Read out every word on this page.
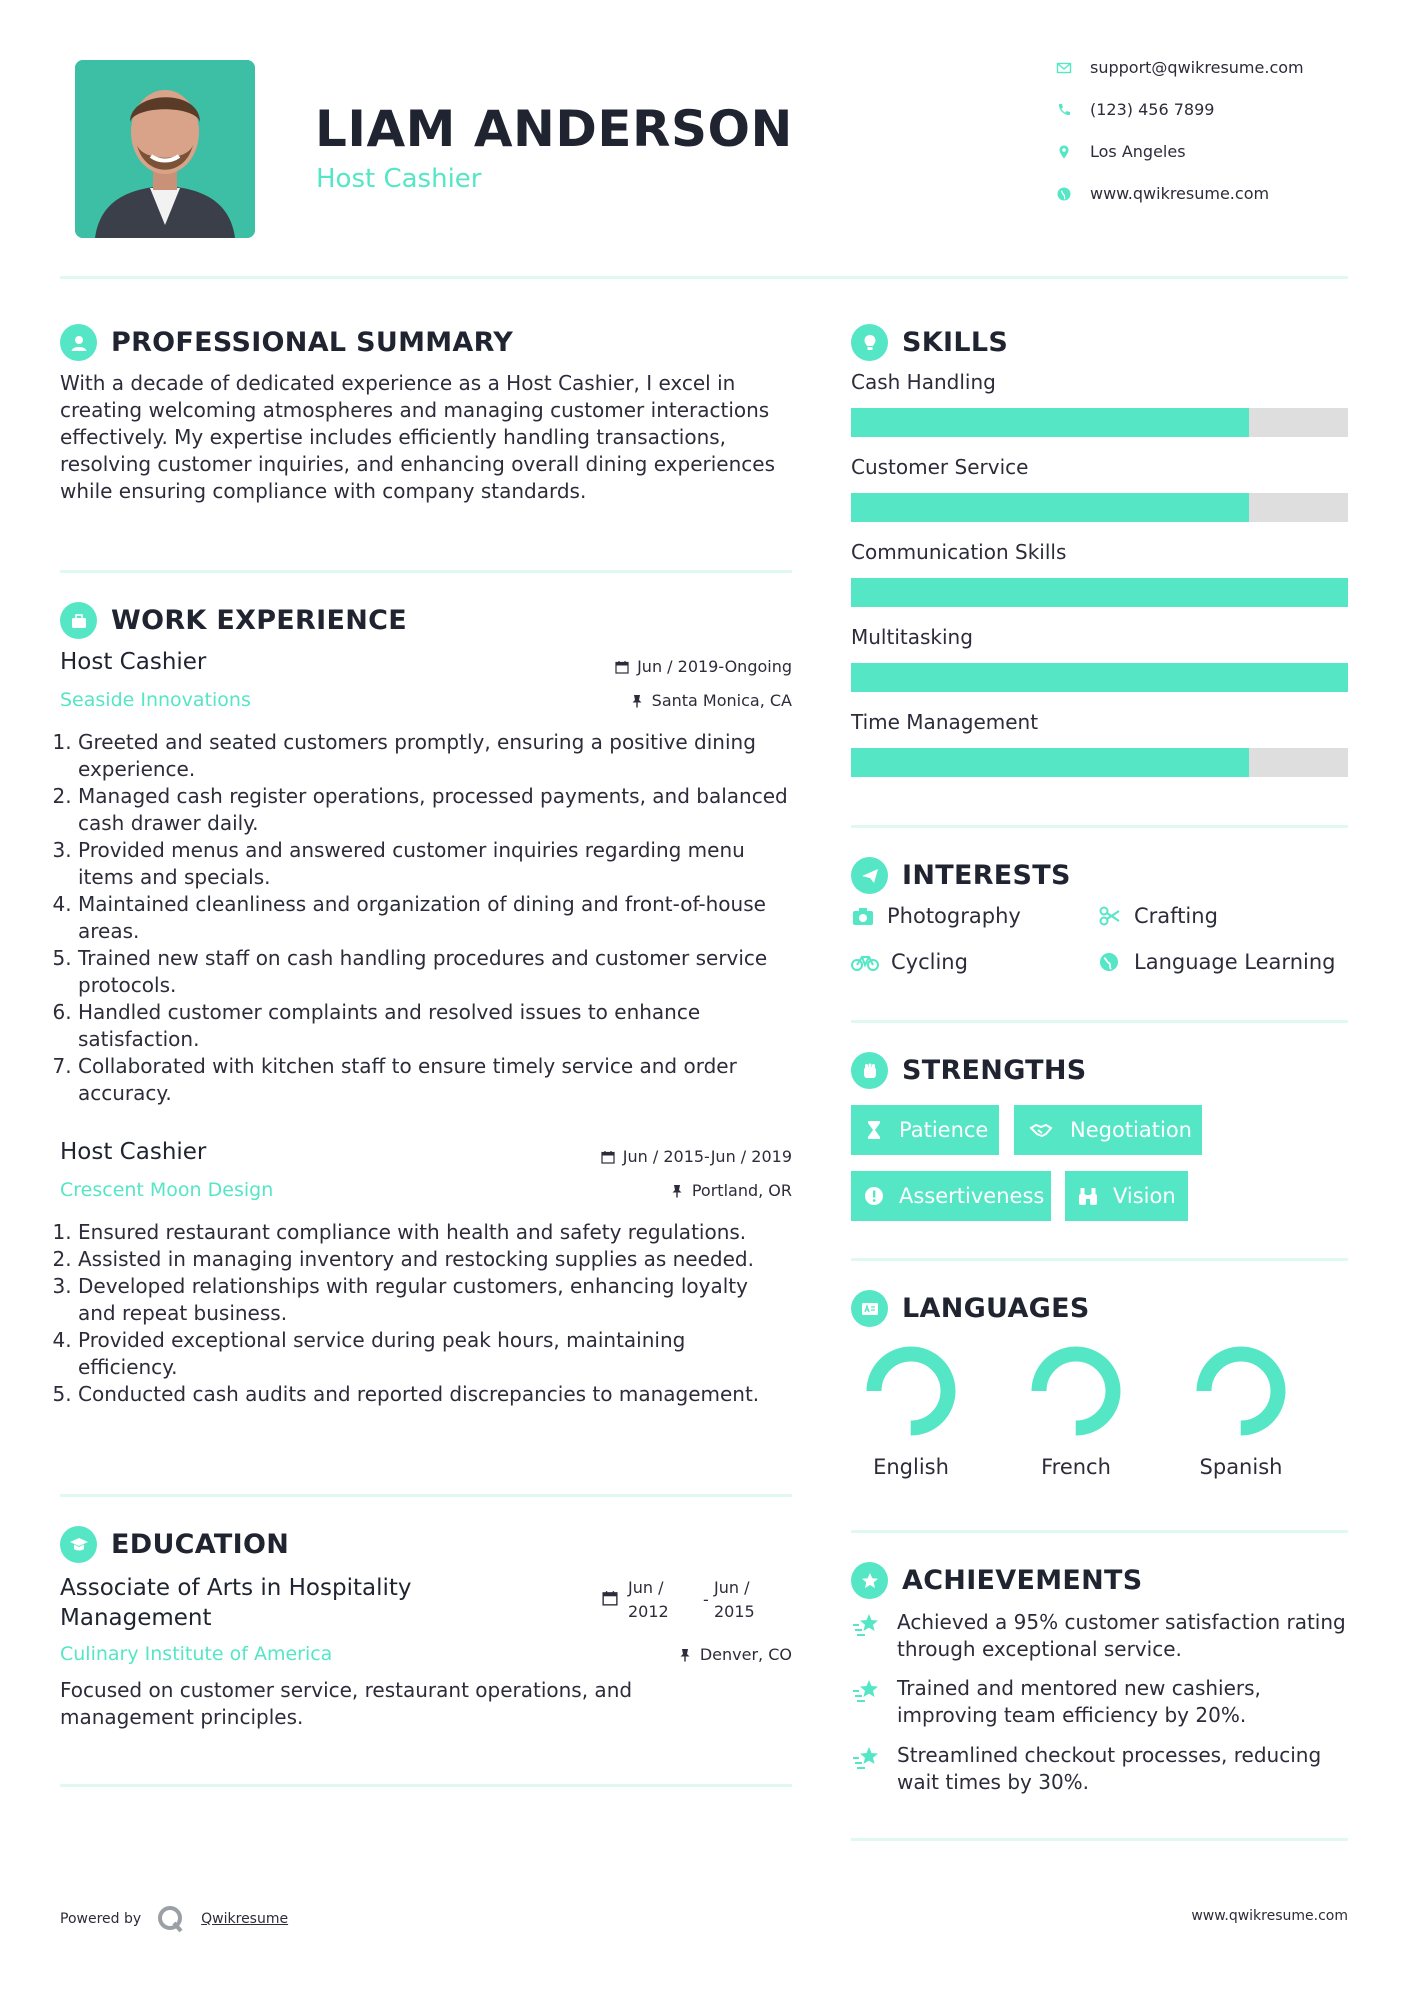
LIAM ANDERSON
Host Cashier
support@qwikresume.com
(123) 456 7899
Los Angeles
www.qwikresume.com
PROFESSIONAL SUMMARY
With a decade of dedicated experience as a Host Cashier, I excel in creating welcoming atmospheres and managing customer interactions effectively. My expertise includes efficiently handling transactions, resolving customer inquiries, and enhancing overall dining experiences while ensuring compliance with company standards.
WORK EXPERIENCE
Host Cashier	Jun / 2019-Ongoing
Seaside Innovations	Santa Monica, CA
1. Greeted and seated customers promptly, ensuring a positive dining experience.
2. Managed cash register operations, processed payments, and balanced cash drawer daily.
3. Provided menus and answered customer inquiries regarding menu items and specials.
4. Maintained cleanliness and organization of dining and front-of-house areas.
5. Trained new staff on cash handling procedures and customer service protocols.
6. Handled customer complaints and resolved issues to enhance satisfaction.
7. Collaborated with kitchen staff to ensure timely service and order accuracy.
Host Cashier	Jun / 2015-Jun / 2019
Crescent Moon Design	Portland, OR
1. Ensured restaurant compliance with health and safety regulations.
2. Assisted in managing inventory and restocking supplies as needed.
3. Developed relationships with regular customers, enhancing loyalty and repeat business.
4. Provided exceptional service during peak hours, maintaining efficiency.
5. Conducted cash audits and reported discrepancies to management.
EDUCATION
Associate of Arts in Hospitality Management
Jun /
2012
-
Jun /
2015
Culinary Institute of America	Denver, CO
Focused on customer service, restaurant operations, and management principles.
SKILLS
Cash Handling
Customer Service
Communication Skills
Multitasking
Time Management
INTERESTS
Photography	Crafting
Cycling	Language Learning
STRENGTHS
Patience	Negotiation
Assertiveness	Vision
LANGUAGES
English	French	Spanish
ACHIEVEMENTS
Achieved a 95% customer satisfaction rating through exceptional service.
Trained and mentored new cashiers, improving team efficiency by 20%.
Streamlined checkout processes, reducing wait times by 30%.
Powered by	Qwikresume	www.qwikresume.com
